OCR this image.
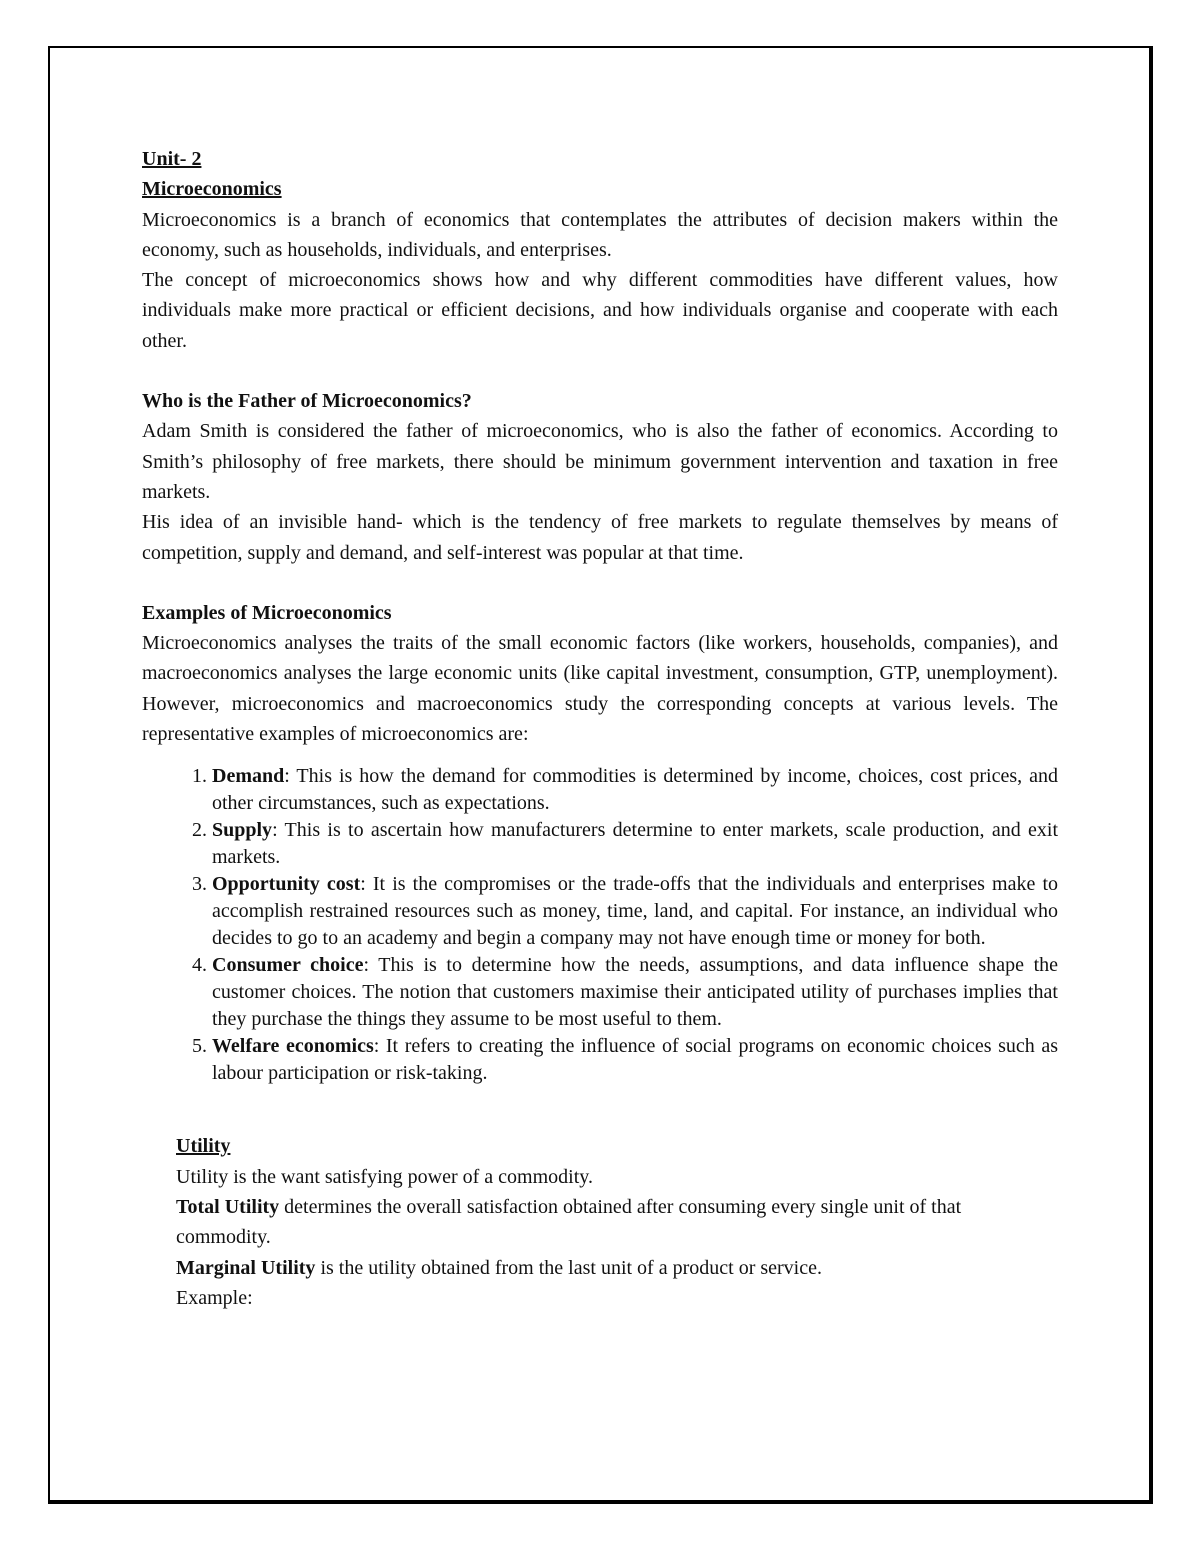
Unit- 2

Microeconomics

Microeconomics is a branch of economics that contemplates the attributes of decision makers within the economy, such as households, individuals, and enterprises.

The concept of microeconomics shows how and why different commodities have different values, how individuals make more practical or efficient decisions, and how individuals organise and cooperate with each other.

Who is the Father of Microeconomics?

Adam Smith is considered the father of microeconomics, who is also the father of economics. According to Smith’s philosophy of free markets, there should be minimum government intervention and taxation in free markets.

His idea of an invisible hand- which is the tendency of free markets to regulate themselves by means of competition, supply and demand, and self-interest was popular at that time.

Examples of Microeconomics

Microeconomics analyses the traits of the small economic factors (like workers, households, companies), and macroeconomics analyses the large economic units (like capital investment, consumption, GTP, unemployment). However, microeconomics and macroeconomics study the corresponding concepts at various levels. The representative examples of microeconomics are:

1. Demand: This is how the demand for commodities is determined by income, choices, cost prices, and other circumstances, such as expectations.
2. Supply: This is to ascertain how manufacturers determine to enter markets, scale production, and exit markets.
3. Opportunity cost: It is the compromises or the trade-offs that the individuals and enterprises make to accomplish restrained resources such as money, time, land, and capital. For instance, an individual who decides to go to an academy and begin a company may not have enough time or money for both.
4. Consumer choice: This is to determine how the needs, assumptions, and data influence shape the customer choices. The notion that customers maximise their anticipated utility of purchases implies that they purchase the things they assume to be most useful to them.
5. Welfare economics: It refers to creating the influence of social programs on economic choices such as labour participation or risk-taking.

Utility

Utility is the want satisfying power of a commodity.

Total Utility determines the overall satisfaction obtained after consuming every single unit of that commodity.

Marginal Utility is the utility obtained from the last unit of a product or service.

Example:
